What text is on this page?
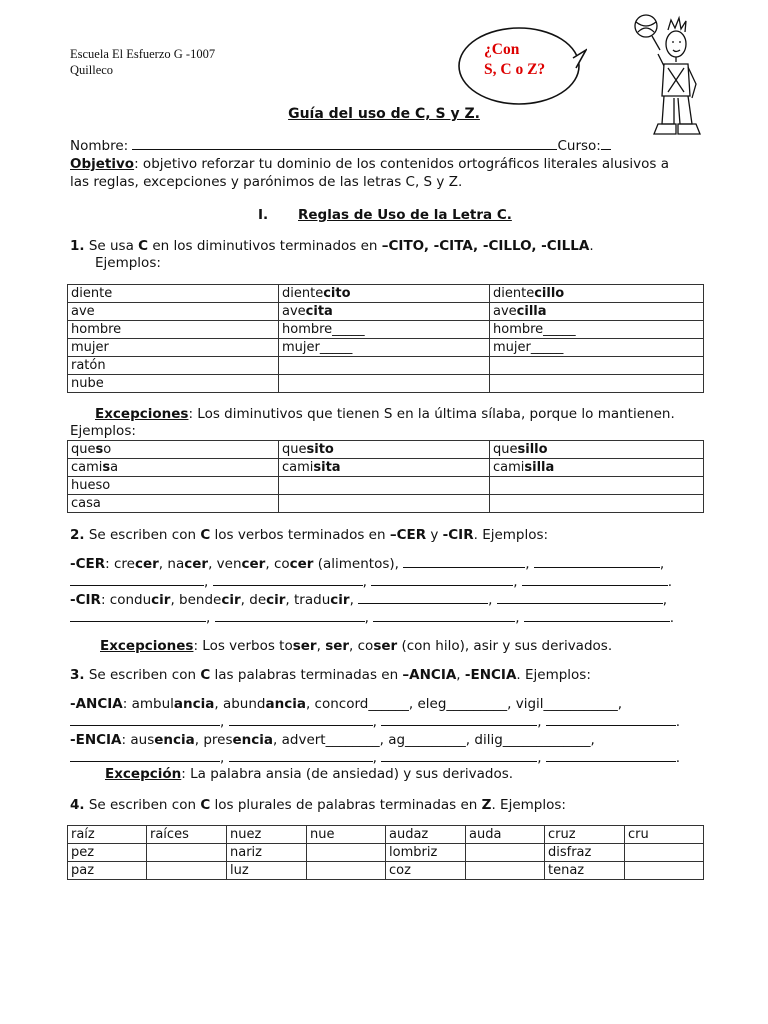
Escuela El Esfuerzo G -1007
Quilleco
¿Con
S, C o Z?
Guía del uso de C, S y Z.
Nombre:	Curso:
Objetivo: objetivo reforzar tu dominio de los contenidos ortográficos literales alusivos a
las reglas, excepciones y parónimos de las letras C, S y Z.
I. Reglas de Uso de la Letra C.
1. Se usa C en los diminutivos terminados en –CITO, -CITA, -CILLO, -CILLA.
Ejemplos:
diente	dientecito	dientecillo
ave	avecita	avecilla
hombre	hombre_____	hombre_____
mujer	mujer_____	mujer_____
ratón		
nube		
Excepciones: Los diminutivos que tienen S en la última sílaba, porque lo mantienen.
Ejemplos:
queso	quesito	quesillo
camisa	camisita	camisilla
hueso		
casa		
2. Se escriben con C los verbos terminados en –CER y -CIR. Ejemplos:
-CER: crecer, nacer, vencer, cocer (alimentos),	,	,
,	,	,	.
-CIR: conducir, bendecir, decir, traducir,	,	,
,	,	,	.
Excepciones: Los verbos toser, ser, coser (con hilo), asir y sus derivados.
3. Se escriben con C las palabras terminadas en –ANCIA, -ENCIA. Ejemplos:
-ANCIA: ambulancia, abundancia, concord______, eleg_________, vigil___________,
,	,	,	.
-ENCIA: ausencia, presencia, advert________, ag_________, dilig_____________,
,	,	,	.
Excepción: La palabra ansia (de ansiedad) y sus derivados.
4. Se escriben con C los plurales de palabras terminadas en Z. Ejemplos:
raíz	raíces	nuez	nue	audaz	auda	cruz	cru
pez		nariz		lombriz		disfraz	
paz		luz		coz		tenaz	
